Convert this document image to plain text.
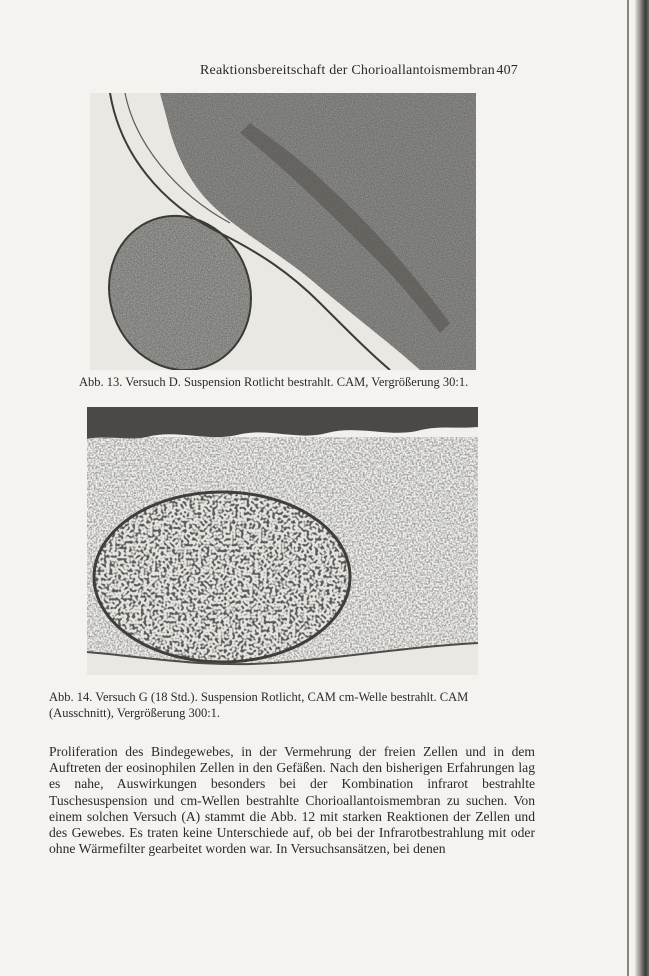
Reaktionsbereitschaft der Chorioallantoismembran 407
Abb. 13. Versuch D. Suspension Rotlicht bestrahlt. CAM, Vergrößerung 30:1.
Abb. 14. Versuch G (18 Std.). Suspension Rotlicht, CAM cm-Welle bestrahlt. CAM (Ausschnitt), Vergrößerung 300:1.

Proliferation des Bindegewebes, in der Vermehrung der freien Zellen und in dem Auftreten der eosinophilen Zellen in den Gefäßen. Nach den bisherigen Erfahrungen lag es nahe, Auswirkungen besonders bei der Kombination infrarot bestrahlte Tuschesuspension und cm-Wellen bestrahlte Chorioallantoismembran zu suchen. Von einem solchen Versuch (A) stammt die Abb. 12 mit starken Reaktionen der Zellen und des Gewebes. Es traten keine Unterschiede auf, ob bei der Infrarotbestrahlung mit oder ohne Wärmefilter gearbeitet worden war. In Versuchsansätzen, bei denen
